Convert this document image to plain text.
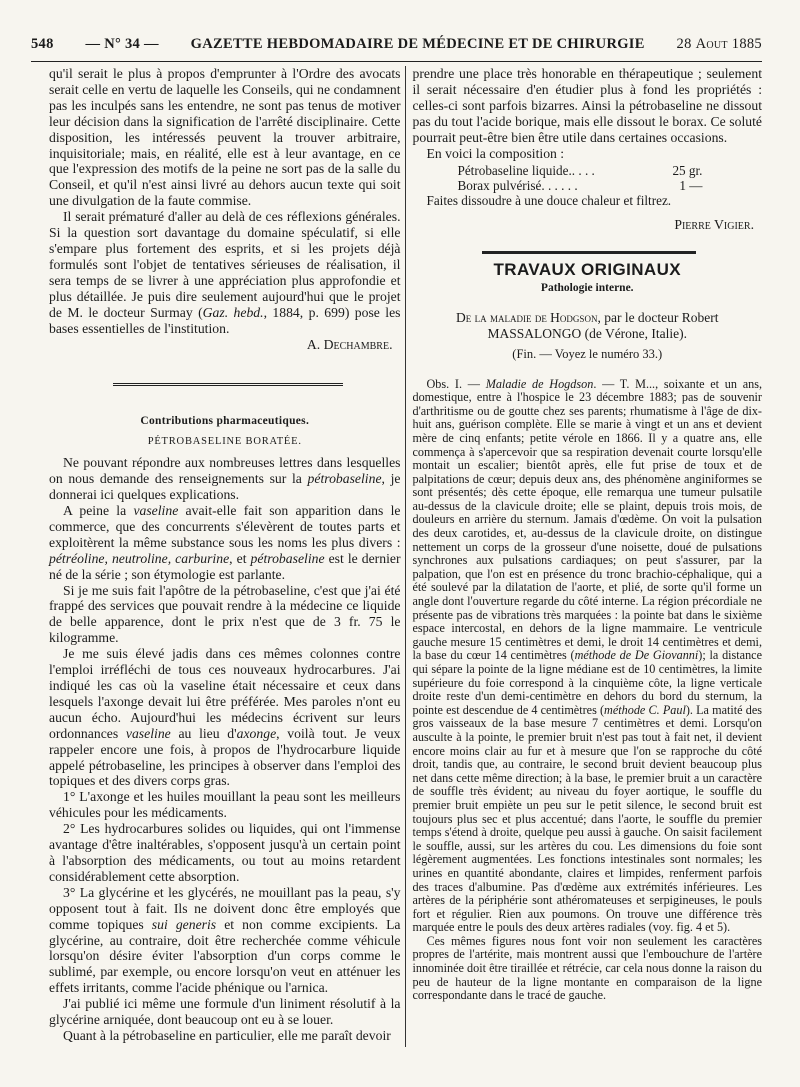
548 — N° 34 — GAZETTE HEBDOMADAIRE DE MÉDECINE ET DE CHIRURGIE 28 Aout 1885

qu'il serait le plus à propos d'emprunter à l'Ordre des avocats serait celle en vertu de laquelle les Conseils, qui ne condamnent pas les inculpés sans les entendre, ne sont pas tenus de motiver leur décision dans la signification de l'arrêté disciplinaire. Cette disposition, les intéressés peuvent la trouver arbitraire, inquisitoriale; mais, en réalité, elle est à leur avantage, en ce que l'expression des motifs de la peine ne sort pas de la salle du Conseil, et qu'il n'est ainsi livré au dehors aucun texte qui soit une divulgation de la faute commise.

Il serait prématuré d'aller au delà de ces réflexions générales. Si la question sort davantage du domaine spéculatif, si elle s'empare plus fortement des esprits, et si les projets déjà formulés sont l'objet de tentatives sérieuses de réalisation, il sera temps de se livrer à une appréciation plus approfondie et plus détaillée. Je puis dire seulement aujourd'hui que le projet de M. le docteur Surmay (Gaz. hebd., 1884, p. 699) pose les bases essentielles de l'institution.

A. Dechambre.

Contributions pharmaceutiques.
PÉTROBASELINE BORATÉE.

Ne pouvant répondre aux nombreuses lettres dans lesquelles on nous demande des renseignements sur la pétrobaseline, je donnerai ici quelques explications.

A peine la vaseline avait-elle fait son apparition dans le commerce, que des concurrents s'élevèrent de toutes parts et exploitèrent la même substance sous les noms les plus divers : pétréoline, neutroline, carburine, et pétrobaseline est le dernier né de la série ; son étymologie est parlante.

Si je me suis fait l'apôtre de la pétrobaseline, c'est que j'ai été frappé des services que pouvait rendre à la médecine ce liquide de belle apparence, dont le prix n'est que de 3 fr. 75 le kilogramme.

Je me suis élevé jadis dans ces mêmes colonnes contre l'emploi irréfléchi de tous ces nouveaux hydrocarbures. J'ai indiqué les cas où la vaseline était nécessaire et ceux dans lesquels l'axonge devait lui être préférée. Mes paroles n'ont eu aucun écho. Aujourd'hui les médecins écrivent sur leurs ordonnances vaseline au lieu d'axonge, voilà tout. Je veux rappeler encore une fois, à propos de l'hydrocarbure liquide appelé pétrobaseline, les principes à observer dans l'emploi des topiques et des divers corps gras.

1° L'axonge et les huiles mouillant la peau sont les meilleurs véhicules pour les médicaments.

2° Les hydrocarbures solides ou liquides, qui ont l'immense avantage d'être inaltérables, s'opposent jusqu'à un certain point à l'absorption des médicaments, ou tout au moins retardent considérablement cette absorption.

3° La glycérine et les glycérés, ne mouillant pas la peau, s'y opposent tout à fait. Ils ne doivent donc être employés que comme topiques sui generis et non comme excipients. La glycérine, au contraire, doit être recherchée comme véhicule lorsqu'on désire éviter l'absorption d'un corps comme le sublimé, par exemple, ou encore lorsqu'on veut en atténuer les effets irritants, comme l'acide phénique ou l'arnica.

J'ai publié ici même une formule d'un liniment résolutif à la glycérine arniquée, dont beaucoup ont eu à se louer.

Quant à la pétrobaseline en particulier, elle me paraît devoir

prendre une place très honorable en thérapeutique ; seulement il serait nécessaire d'en étudier plus à fond les propriétés : celles-ci sont parfois bizarres. Ainsi la pétrobaseline ne dissout pas du tout l'acide borique, mais elle dissout le borax. Ce soluté pourrait peut-être bien être utile dans certaines occasions.

En voici la composition :

Pétrobaseline liquide. . . . .	25 gr.
Borax pulvérisé . . . . . .	1 —

Faites dissoudre à une douce chaleur et filtrez.

Pierre Vigier.

TRAVAUX ORIGINAUX
Pathologie interne.
De la maladie de Hodgson, par le docteur Robert MASSALONGO (de Vérone, Italie).
(Fin. — Voyez le numéro 33.)

Obs. I. — Maladie de Hogdson. — T. M..., soixante et un ans, domestique, entre à l'hospice le 23 décembre 1883; pas de souvenir d'arthritisme ou de goutte chez ses parents; rhumatisme à l'âge de dix-huit ans, guérison complète. Elle se marie à vingt et un ans et devient mère de cinq enfants; petite vérole en 1866. Il y a quatre ans, elle commença à s'apercevoir que sa respiration devenait courte lorsqu'elle montait un escalier; bientôt après, elle fut prise de toux et de palpitations de cœur; depuis deux ans, des phénomène anginiformes se sont présentés; dès cette époque, elle remarqua une tumeur pulsatile au-dessus de la clavicule droite; elle se plaint, depuis trois mois, de douleurs en arrière du sternum. Jamais d'œdème. On voit la pulsation des deux carotides, et, au-dessus de la clavicule droite, on distingue nettement un corps de la grosseur d'une noisette, doué de pulsations synchrones aux pulsations cardiaques; on peut s'assurer, par la palpation, que l'on est en présence du tronc brachio-céphalique, qui a été soulevé par la dilatation de l'aorte, et plié, de sorte qu'il forme un angle dont l'ouverture regarde du côté interne. La région précordiale ne présente pas de vibrations très marquées : la pointe bat dans le sixième espace intercostal, en dehors de la ligne mammaire. Le ventricule gauche mesure 15 centimètres et demi, le droit 14 centimètres et demi, la base du cœur 14 centimètres (méthode de De Giovanni); la distance qui sépare la pointe de la ligne médiane est de 10 centimètres, la limite supérieure du foie correspond à la cinquième côte, la ligne verticale droite reste d'un demi-centimètre en dehors du bord du sternum, la pointe est descendue de 4 centimètres (méthode C. Paul). La matité des gros vaisseaux de la base mesure 7 centimètres et demi. Lorsqu'on ausculte à la pointe, le premier bruit n'est pas tout à fait net, il devient encore moins clair au fur et à mesure que l'on se rapproche du côté droit, tandis que, au contraire, le second bruit devient beaucoup plus net dans cette même direction; à la base, le premier bruit a un caractère de souffle très évident; au niveau du foyer aortique, le souffle du premier bruit empiète un peu sur le petit silence, le second bruit est toujours plus sec et plus accentué; dans l'aorte, le souffle du premier temps s'étend à droite, quelque peu aussi à gauche. On saisit facilement le souffle, aussi, sur les artères du cou. Les dimensions du foie sont légèrement augmentées. Les fonctions intestinales sont normales; les urines en quantité abondante, claires et limpides, renferment parfois des traces d'albumine. Pas d'œdème aux extrémités inférieures. Les artères de la périphérie sont athéromateuses et serpigineuses, le pouls fort et régulier. Rien aux poumons. On trouve une différence très marquée entre le pouls des deux artères radiales (voy. fig. 4 et 5).

Ces mêmes figures nous font voir non seulement les caractères propres de l'artérite, mais montrent aussi que l'embouchure de l'artère innominée doit être tiraillée et rétrécie, car cela nous donne la raison du peu de hauteur de la ligne montante en comparaison de la ligne correspondante dans le tracé de gauche.
